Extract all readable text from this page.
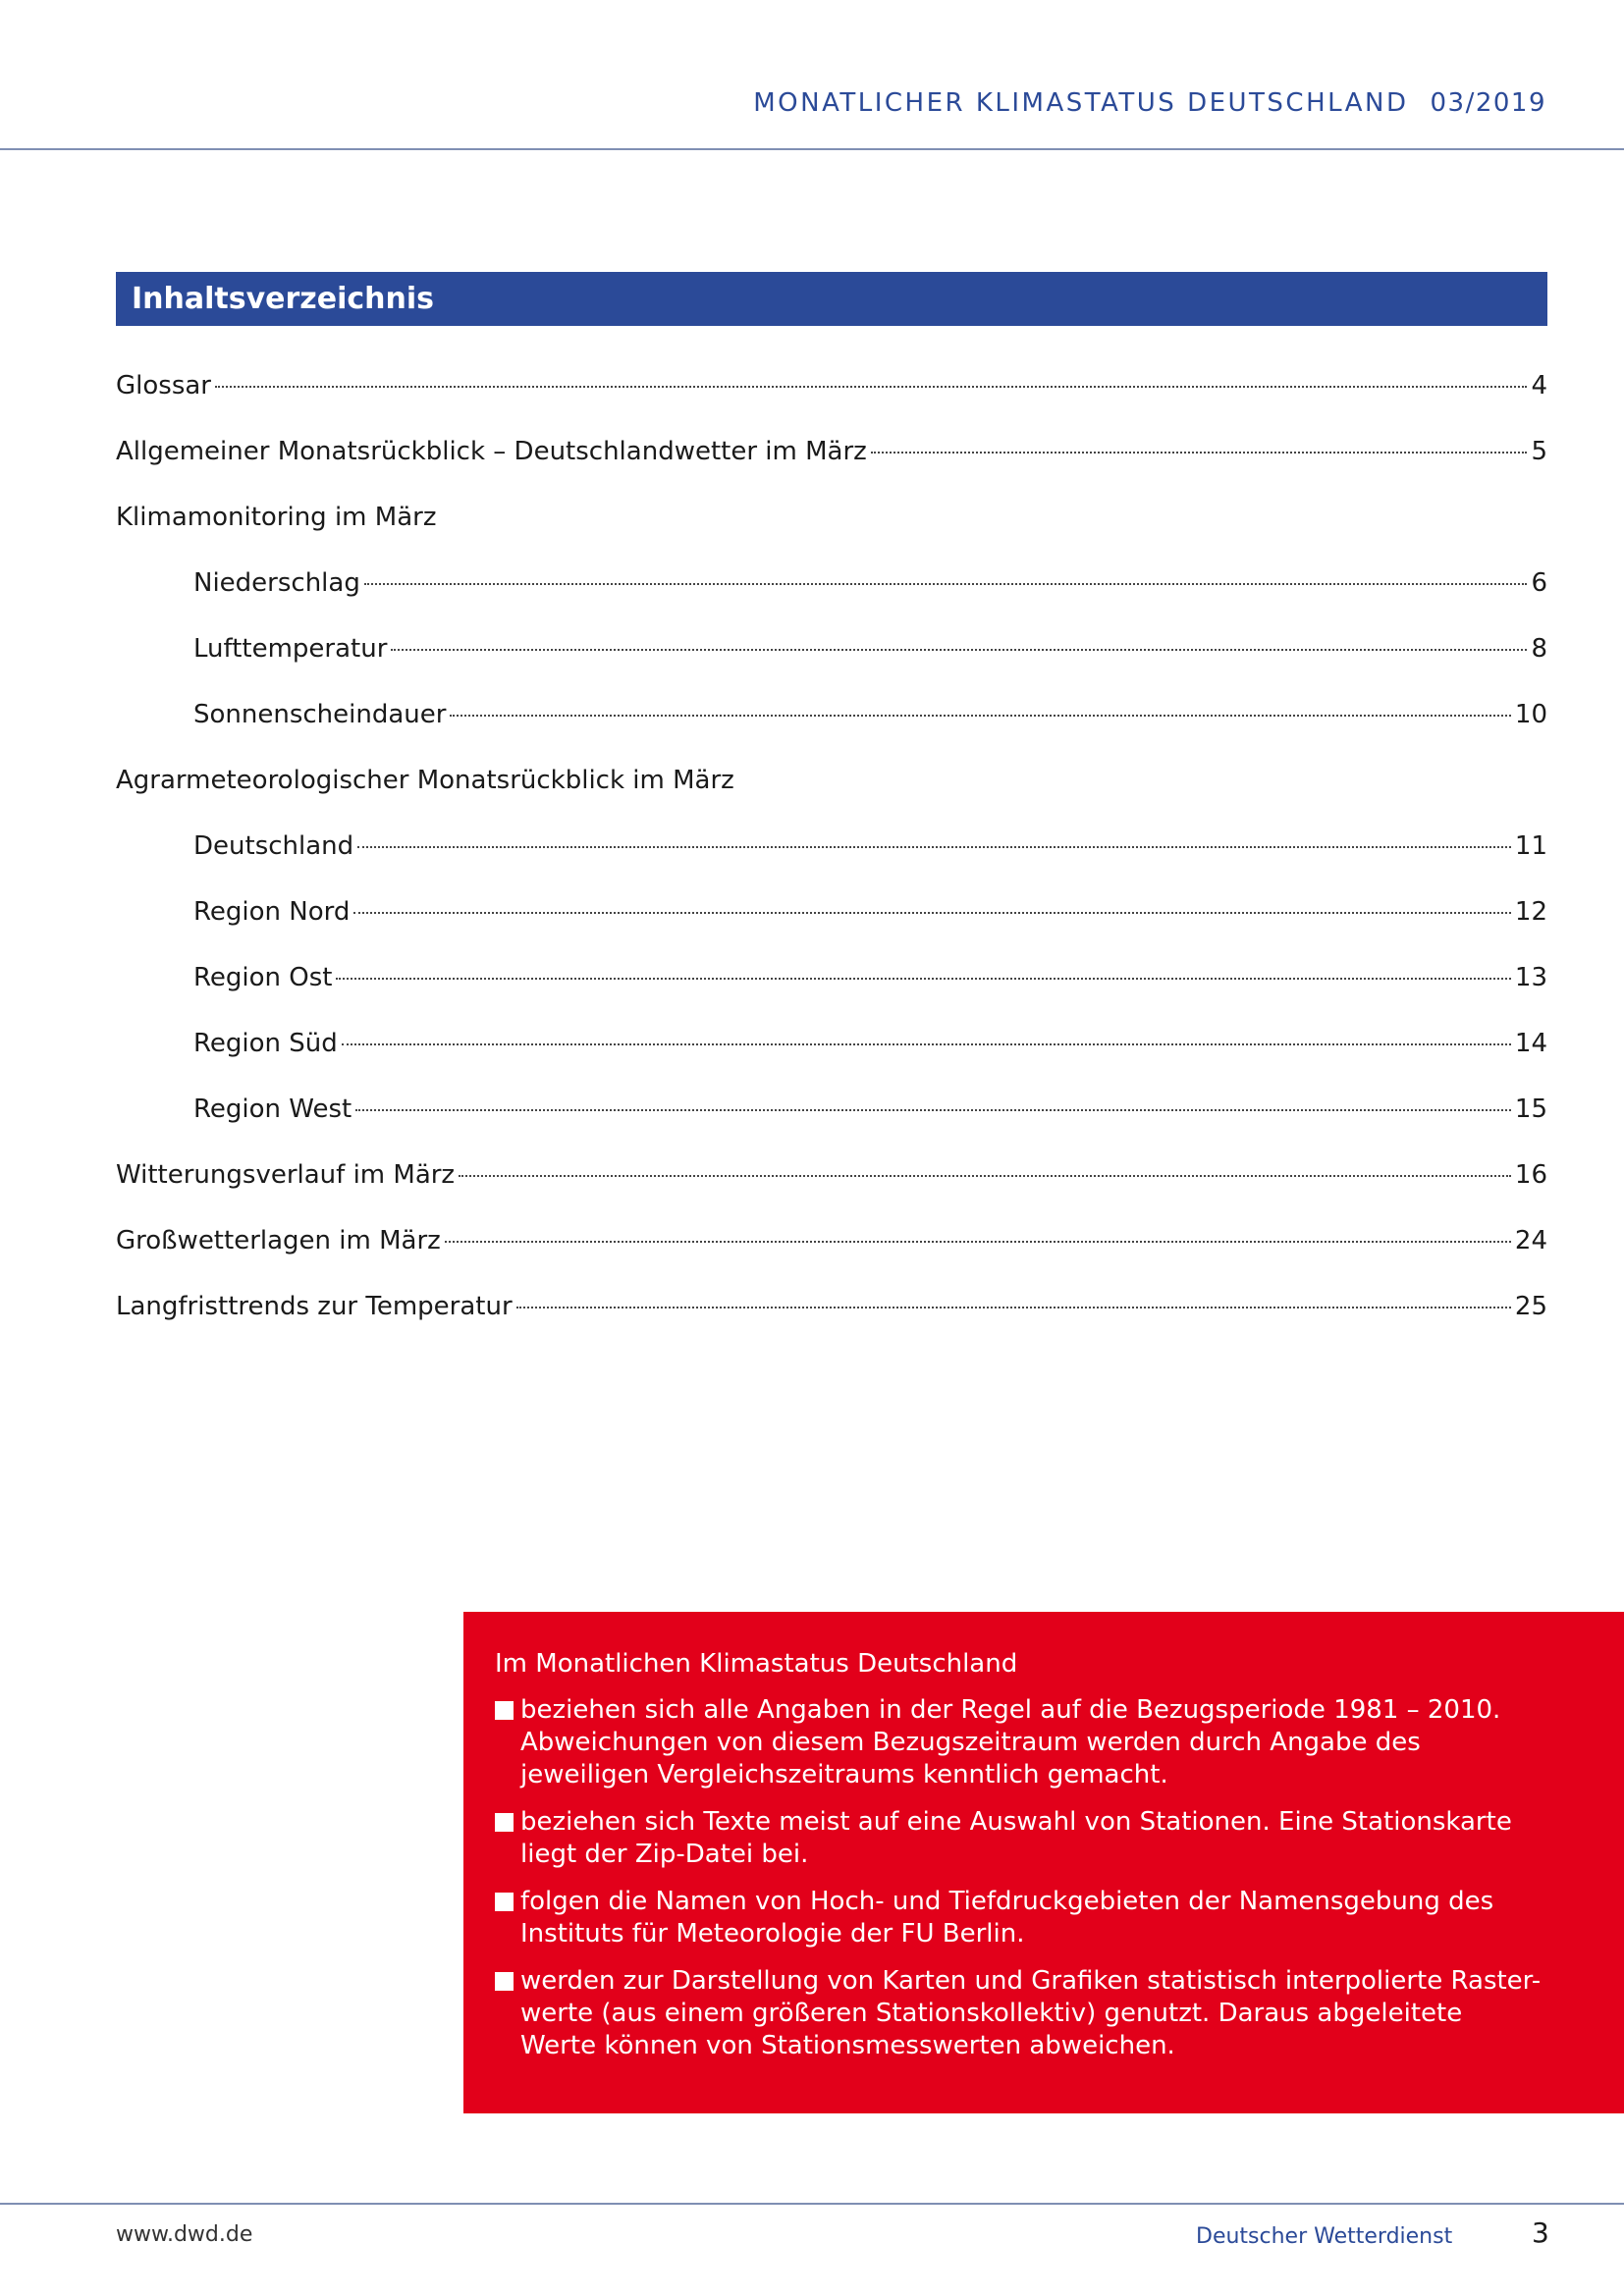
MONATLICHER KLIMASTATUS DEUTSCHLAND 03/2019
Inhaltsverzeichnis
Glossar	4
Allgemeiner Monatsrückblick – Deutschlandwetter im März	5
Klimamonitoring im März
Niederschlag	6
Lufttemperatur	8
Sonnenscheindauer	10
Agrarmeteorologischer Monatsrückblick im März
Deutschland	11
Region Nord	12
Region Ost	13
Region Süd	14
Region West	15
Witterungsverlauf im März	16
Großwetterlagen im März	24
Langfristtrends zur Temperatur	25
Im Monatlichen Klimastatus Deutschland
beziehen sich alle Angaben in der Regel auf die Bezugsperiode 1981 – 2010. Abweichungen von diesem Bezugszeitraum werden durch Angabe des jeweiligen Vergleichszeitraums kenntlich gemacht.
beziehen sich Texte meist auf eine Auswahl von Stationen. Eine Stationskarte liegt der Zip-Datei bei.
folgen die Namen von Hoch- und Tiefdruckgebieten der Namensgebung des Instituts für Meteorologie der FU Berlin.
werden zur Darstellung von Karten und Grafiken statistisch interpolierte Raster-werte (aus einem größeren Stationskollektiv) genutzt. Daraus abgeleitete Werte können von Stationsmesswerten abweichen.
www.dwd.de	Deutscher Wetterdienst	3
